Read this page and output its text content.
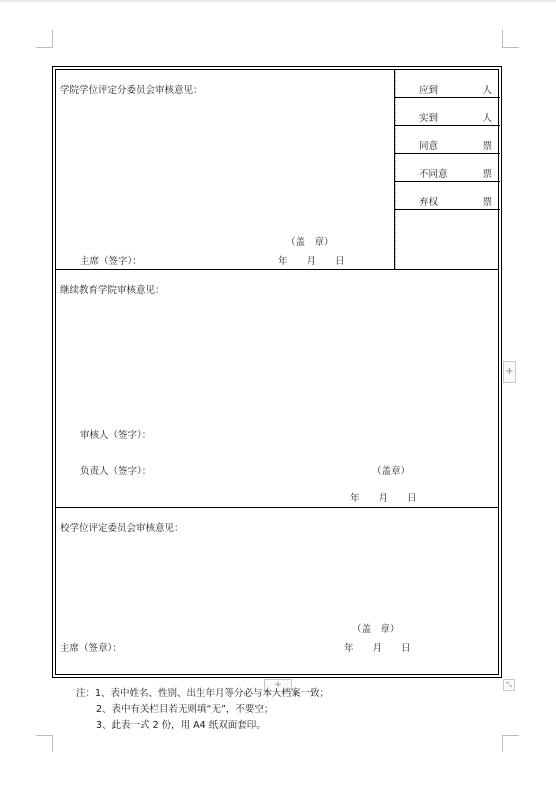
学院学位评定分委员会审核意见：
（盖　章）
主席（签字）：	年　　月　　日
应到	人
实到	人
同意	票
不同意	票
弃权	票
继续教育学院审核意见：
审核人（签字）：
负责人（签字）：	（盖章）
年　　月　　日
校学位评定委员会审核意见：
（盖　章）
主席（签章）：	年　　月　　日
+
+	⤡
注：1、表中姓名、性别、出生年月等分必与本人档案一致；
2、表中有关栏目若无则填“无”，不要空；
3、此表一式 2 份，用 A4 纸双面套印。
